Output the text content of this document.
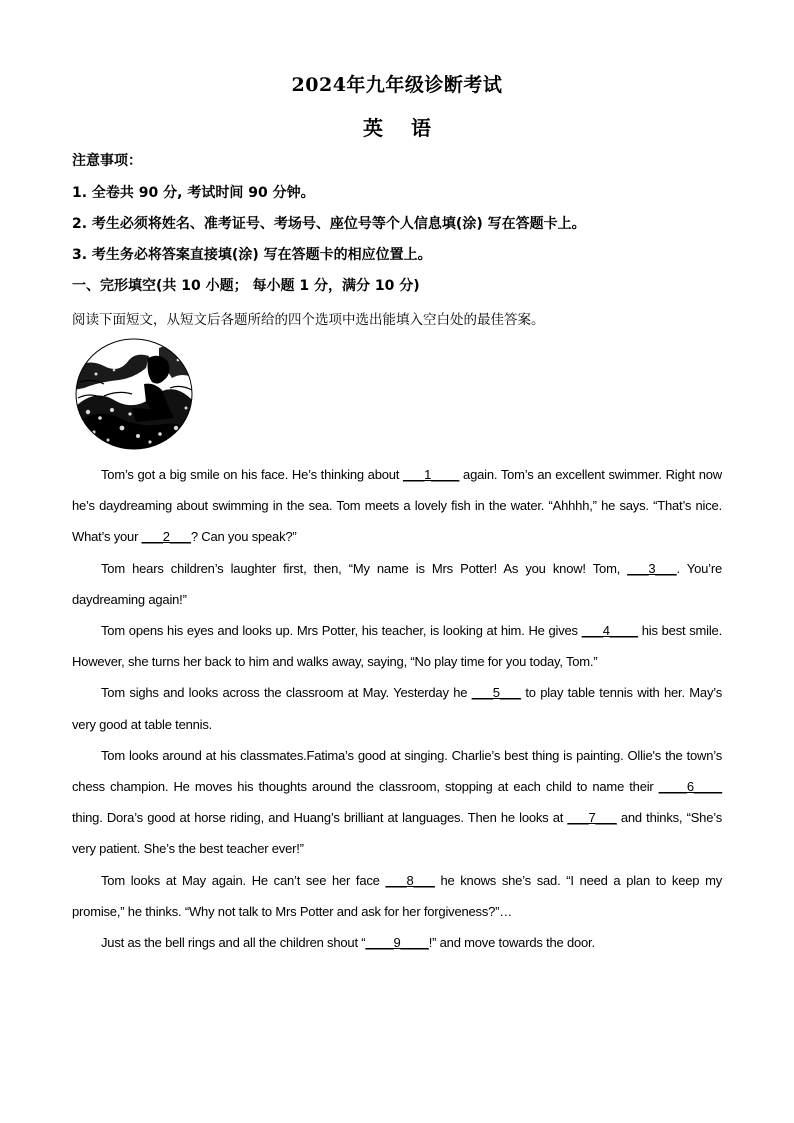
2024年九年级诊断考试
英语
注意事项：
1. 全卷共 90 分, 考试时间 90 分钟。
2. 考生必须将姓名、准考证号、考场号、座位号等个人信息填(涂) 写在答题卡上。
3. 考生务必将答案直接填(涂) 写在答题卡的相应位置上。
一、完形填空(共 10 小题； 每小题 1 分，满分 10 分)
阅读下面短文，从短文后各题所给的四个选项中选出能填入空白处的最佳答案。

Tom’s got a big smile on his face. He’s thinking about ___1____ again. Tom’s an excellent swimmer. Right now he’s daydreaming about swimming in the sea. Tom meets a lovely fish in the water. “Ahhhh,” he says. “That’s nice. What’s your ___2___? Can you speak?”

Tom hears children’s laughter first, then, “My name is Mrs Potter! As you know! Tom, ___3___. You’re daydreaming again!”

Tom opens his eyes and looks up. Mrs Potter, his teacher, is looking at him. He gives ___4____ his best smile. However, she turns her back to him and walks away, saying, “No play time for you today, Tom.”

Tom sighs and looks across the classroom at May. Yesterday he ___5___ to play table tennis with her. May’s very good at table tennis.

Tom looks around at his classmates.Fatima’s good at singing. Charlie’s best thing is painting. Ollie's the town’s chess champion. He moves his thoughts around the classroom, stopping at each child to name their ____6____ thing. Dora’s good at horse riding, and Huang’s brilliant at languages. Then he looks at ___7___ and thinks, “She’s very patient. She’s the best teacher ever!”

Tom looks at May again. He can’t see her face ___8___ he knows she’s sad. “I need a plan to keep my promise,” he thinks. “Why not talk to Mrs Potter and ask for her forgiveness?”…

Just as the bell rings and all the children shout “____9____!” and move towards the door.
